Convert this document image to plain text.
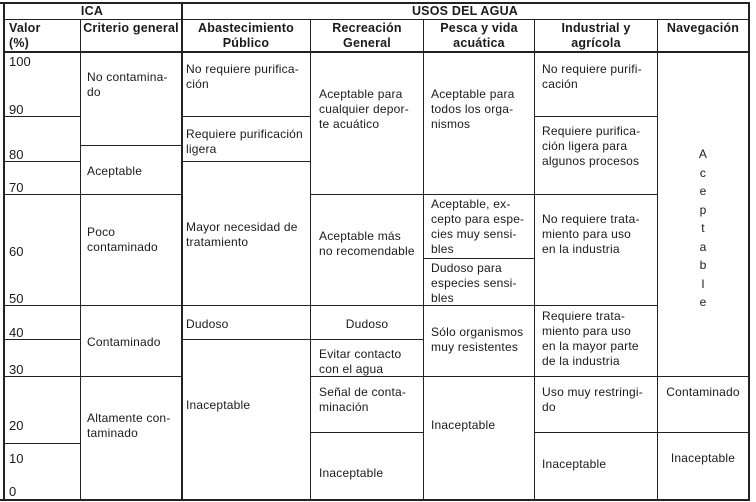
ICA	USOS DEL AGUA
Valor
(%)
Criterio general	Abastecimiento
Público
Recreación
General
Pesca y vida
acuática
Industrial y agrícola
Navegación
100
90
80
70
60
50
40
30
20
10
0
No contamina-
do
Aceptable
Poco
contaminado
Contaminado
Altamente con-
taminado
No requiere purifica-
ción
Requiere purificación
ligera
Mayor necesidad de
tratamiento
Dudoso
Inaceptable
Aceptable para
cualquier depor-
te acuático
Aceptable más
no recomendable
Dudoso
Evitar contacto
con el agua
Señal de conta-
minación
Inaceptable
Aceptable para
todos los orga-
nismos
Aceptable, ex-
cepto para espe-
cies muy sensi-
bles
Dudoso para
especies sensi-
bles
Sólo organismos
muy resistentes
Inaceptable
No requiere purifi-
cación
Requiere purifica-
ción ligera para
algunos procesos
No requiere trata-
miento para uso
en la industria
Requiere trata-
miento para uso
en la mayor parte
de la industria
Uso muy restringi-
do
Inaceptable
A
c
e
p
t
a
b
l
e
Contaminado
Inaceptable
